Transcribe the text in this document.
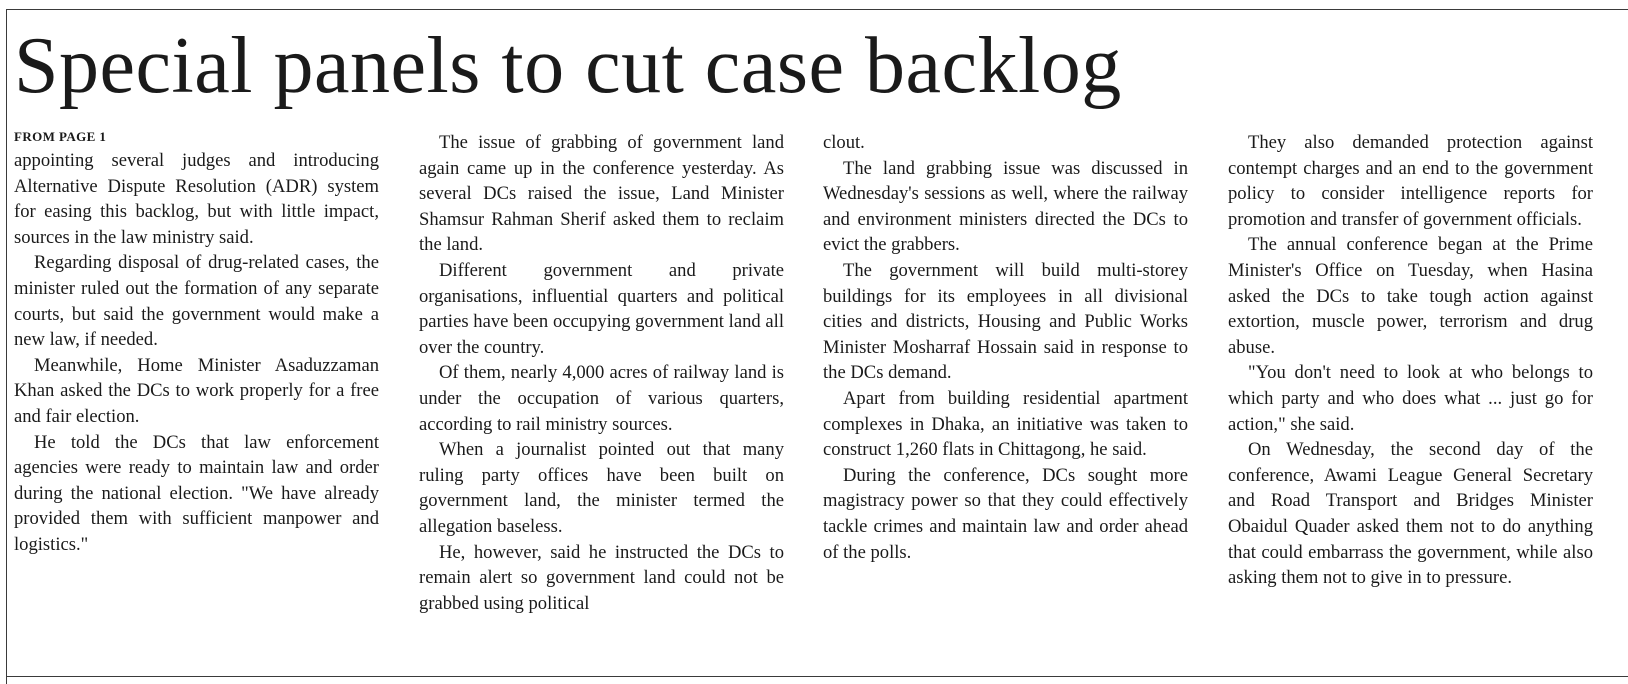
Special panels to cut case backlog
FROM PAGE 1

appointing several judges and introducing Alternative Dispute Resolution (ADR) system for easing this backlog, but with little impact, sources in the law ministry said.

Regarding disposal of drug-related cases, the minister ruled out the formation of any separate courts, but said the government would make a new law, if needed.

Meanwhile, Home Minister Asaduzzaman Khan asked the DCs to work properly for a free and fair election.

He told the DCs that law enforcement agencies were ready to maintain law and order during the national election. "We have already provided them with sufficient manpower and logistics."

The issue of grabbing of government land again came up in the conference yesterday. As several DCs raised the issue, Land Minister Shamsur Rahman Sherif asked them to reclaim the land.

Different government and private organisations, influential quarters and political parties have been occupying government land all over the country.

Of them, nearly 4,000 acres of railway land is under the occupation of various quarters, according to rail ministry sources.

When a journalist pointed out that many ruling party offices have been built on government land, the minister termed the allegation baseless.

He, however, said he instructed the DCs to remain alert so government land could not be grabbed using political

clout.

The land grabbing issue was discussed in Wednesday's sessions as well, where the railway and environment ministers directed the DCs to evict the grabbers.

The government will build multi-storey buildings for its employees in all divisional cities and districts, Housing and Public Works Minister Mosharraf Hossain said in response to the DCs demand.

Apart from building residential apartment complexes in Dhaka, an initiative was taken to construct 1,260 flats in Chittagong, he said.

During the conference, DCs sought more magistracy power so that they could effectively tackle crimes and maintain law and order ahead of the polls.

They also demanded protection against contempt charges and an end to the government policy to consider intelligence reports for promotion and transfer of government officials.

The annual conference began at the Prime Minister's Office on Tuesday, when Hasina asked the DCs to take tough action against extortion, muscle power, terrorism and drug abuse.

"You don't need to look at who belongs to which party and who does what ... just go for action," she said.

On Wednesday, the second day of the conference, Awami League General Secretary and Road Transport and Bridges Minister Obaidul Quader asked them not to do anything that could embarrass the government, while also asking them not to give in to pressure.
